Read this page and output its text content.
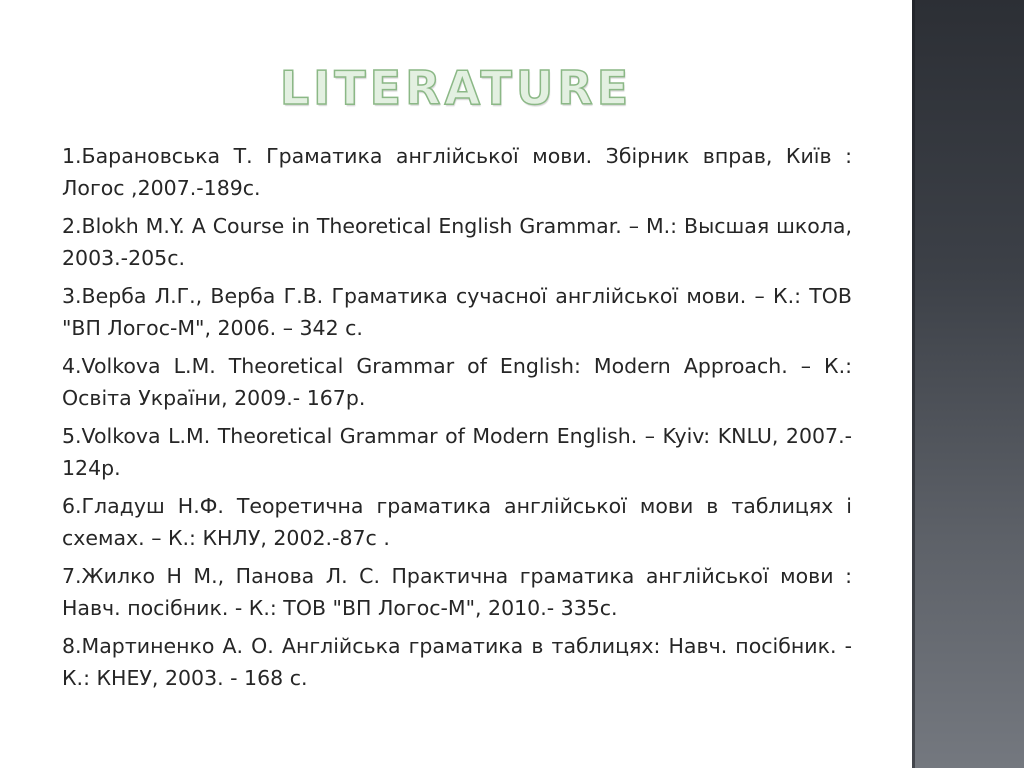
LITERATURE
1.Барановська Т. Граматика англійської мови. Збірник вправ, Київ : Логос ,2007.-189с.
2.Blokh M.Y. A Course in Theoretical English Grammar. – М.: Высшая школа, 2003.-205с.
3.Верба Л.Г., Верба Г.В. Граматика сучасної англійської мови. – К.: ТОВ "ВП Логос-М", 2006. – 342 с.
4.Volkova L.M. Theoretical Grammar of English: Modern Approach. – К.: Освіта України, 2009.- 167р.
5.Volkova L.M. Theoretical Grammar of Modern English. – Kyiv: KNLU, 2007.- 124р.
6.Гладуш Н.Ф. Теоретична граматика англійської мови в таблицях і схемах. – К.: КНЛУ, 2002.-87с .
7.Жилко Н М., Панова Л. С. Практична граматика англійської мови : Навч. посібник. - К.: ТОВ "ВП Логос-М", 2010.- 335с.
8.Мартиненко А. О. Англійська граматика в таблицях: Навч. посібник. - К.: КНЕУ, 2003. - 168 с.
